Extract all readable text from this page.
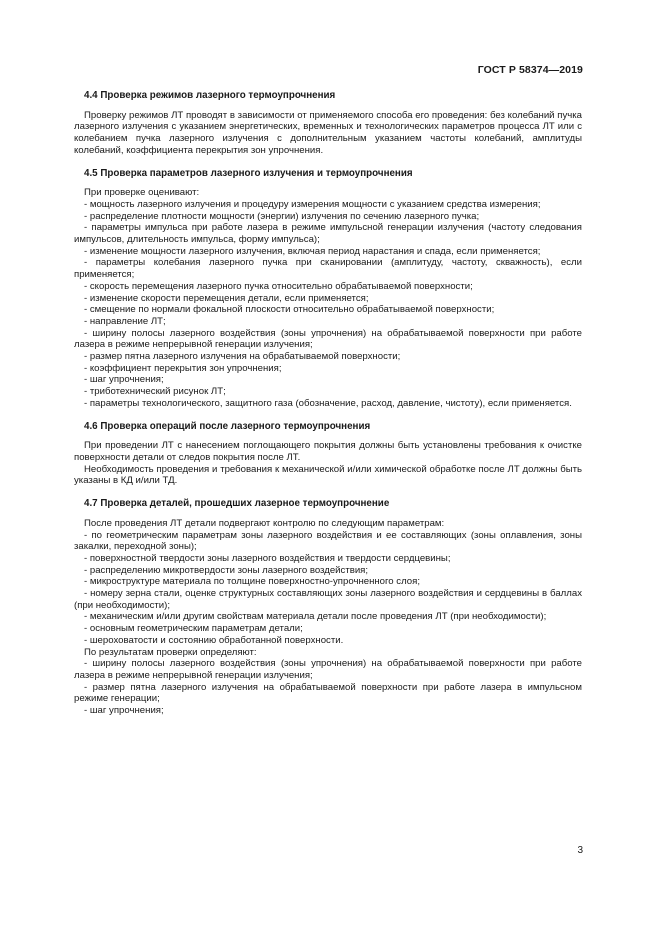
ГОСТ Р 58374—2019
4.4 Проверка режимов лазерного термоупрочнения

Проверку режимов ЛТ проводят в зависимости от применяемого способа его проведения: без колебаний пучка лазерного излучения с указанием энергетических, временных и технологических параметров процесса ЛТ или с колебанием пучка лазерного излучения с дополнительным указанием частоты колебаний, амплитуды колебаний, коэффициента перекрытия зон упрочнения.

4.5 Проверка параметров лазерного излучения и термоупрочнения

При проверке оценивают:

- мощность лазерного излучения и процедуру измерения мощности с указанием средства измерения;

- распределение плотности мощности (энергии) излучения по сечению лазерного пучка;

- параметры импульса при работе лазера в режиме импульсной генерации излучения (частоту следования импульсов, длительность импульса, форму импульса);

- изменение мощности лазерного излучения, включая период нарастания и спада, если применяется;

- параметры колебания лазерного пучка при сканировании (амплитуду, частоту, скважность), если применяется;

- скорость перемещения лазерного пучка относительно обрабатываемой поверхности;

- изменение скорости перемещения детали, если применяется;

- смещение по нормали фокальной плоскости относительно обрабатываемой поверхности;

- направление ЛТ;

- ширину полосы лазерного воздействия (зоны упрочнения) на обрабатываемой поверхности при работе лазера в режиме непрерывной генерации излучения;

- размер пятна лазерного излучения на обрабатываемой поверхности;

- коэффициент перекрытия зон упрочнения;

- шаг упрочнения;

- триботехнический рисунок ЛТ;

- параметры технологического, защитного газа (обозначение, расход, давление, чистоту), если применяется.

4.6 Проверка операций после лазерного термоупрочнения

При проведении ЛТ с нанесением поглощающего покрытия должны быть установлены требования к очистке поверхности детали от следов покрытия после ЛТ.

Необходимость проведения и требования к механической и/или химической обработке после ЛТ должны быть указаны в КД и/или ТД.

4.7 Проверка деталей, прошедших лазерное термоупрочнение

После проведения ЛТ детали подвергают контролю по следующим параметрам:

- по геометрическим параметрам зоны лазерного воздействия и ее составляющих (зоны оплавления, зоны закалки, переходной зоны);

- поверхностной твердости зоны лазерного воздействия и твердости сердцевины;

- распределению микротвердости зоны лазерного воздействия;

- микроструктуре материала по толщине поверхностно-упрочненного слоя;

- номеру зерна стали, оценке структурных составляющих зоны лазерного воздействия и сердцевины в баллах (при необходимости);

- механическим и/или другим свойствам материала детали после проведения ЛТ (при необходимости);

- основным геометрическим параметрам детали;

- шероховатости и состоянию обработанной поверхности.

По результатам проверки определяют:

- ширину полосы лазерного воздействия (зоны упрочнения) на обрабатываемой поверхности при работе лазера в режиме непрерывной генерации излучения;

- размер пятна лазерного излучения на обрабатываемой поверхности при работе лазера в импульсном режиме генерации;

- шаг упрочнения;

3
